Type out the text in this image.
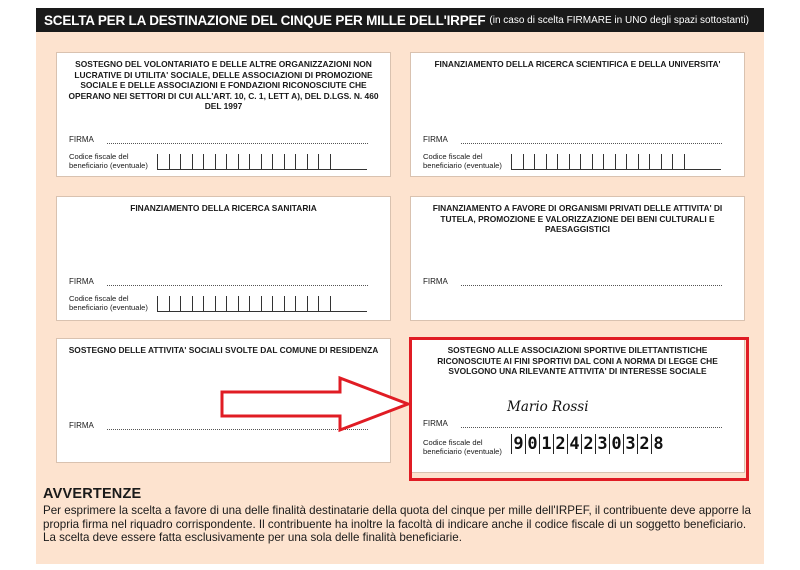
SCELTA PER LA DESTINAZIONE DEL CINQUE PER MILLE DELL'IRPEF (in caso di scelta FIRMARE in UNO degli spazi sottostanti)
SOSTEGNO DEL VOLONTARIATO E DELLE ALTRE ORGANIZZAZIONI NON LUCRATIVE DI UTILITA' SOCIALE, DELLE ASSOCIAZIONI DI PROMOZIONE SOCIALE E DELLE ASSOCIAZIONI E FONDAZIONI RICONOSCIUTE CHE OPERANO NEI SETTORI DI CUI ALL'ART. 10, C. 1, LETT A), DEL D.LGS. N. 460 DEL 1997
FIRMA
Codice fiscale del beneficiario (eventuale)
FINANZIAMENTO DELLA RICERCA SCIENTIFICA E DELLA UNIVERSITA'
FIRMA
Codice fiscale del beneficiario (eventuale)
FINANZIAMENTO DELLA RICERCA SANITARIA
FIRMA
Codice fiscale del beneficiario (eventuale)
FINANZIAMENTO A FAVORE DI ORGANISMI PRIVATI DELLE ATTIVITA' DI TUTELA, PROMOZIONE E VALORIZZAZIONE DEI BENI CULTURALI E PAESAGGISTICI
FIRMA
SOSTEGNO DELLE ATTIVITA' SOCIALI SVOLTE DAL COMUNE DI RESIDENZA
FIRMA
SOSTEGNO ALLE ASSOCIAZIONI SPORTIVE DILETTANTISTICHE RICONOSCIUTE AI FINI SPORTIVI DAL CONI A NORMA DI LEGGE CHE SVOLGONO UNA RILEVANTE ATTIVITA' DI INTERESSE SOCIALE
Mario Rossi
FIRMA
Codice fiscale del beneficiario (eventuale) 9 0 1 2 4 2 3 0 3 2 8
AVVERTENZE

Per esprimere la scelta a favore di una delle finalità destinatarie della quota del cinque per mille dell'IRPEF, il contribuente deve apporre la propria firma nel riquadro corrispondente. Il contribuente ha inoltre la facoltà di indicare anche il codice fiscale di un soggetto beneficiario. La scelta deve essere fatta esclusivamente per una sola delle finalità beneficiarie.
